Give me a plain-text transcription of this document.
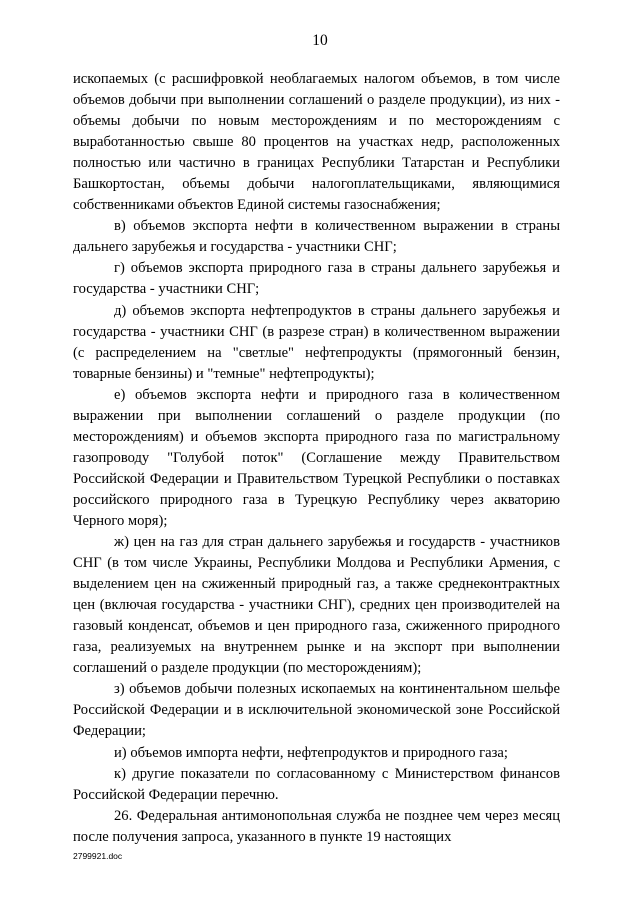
10

ископаемых (с расшифровкой необлагаемых налогом объемов, в том числе объемов добычи при выполнении соглашений о разделе продукции), из них - объемы добычи по новым месторождениям и по месторождениям с выработанностью свыше 80 процентов на участках недр, расположенных полностью или частично в границах Республики Татарстан и Республики Башкортостан, объемы добычи налогоплательщиками, являющимися собственниками объектов Единой системы газоснабжения;

в) объемов экспорта нефти в количественном выражении в страны дальнего зарубежья и государства - участники СНГ;

г) объемов экспорта природного газа в страны дальнего зарубежья и государства - участники СНГ;

д) объемов экспорта нефтепродуктов в страны дальнего зарубежья и государства - участники СНГ (в разрезе стран) в количественном выражении (с распределением на "светлые" нефтепродукты (прямогонный бензин, товарные бензины) и "темные" нефтепродукты);

е) объемов экспорта нефти и природного газа в количественном выражении при выполнении соглашений о разделе продукции (по месторождениям) и объемов экспорта природного газа по магистральному газопроводу "Голубой поток" (Соглашение между Правительством Российской Федерации и Правительством Турецкой Республики о поставках российского природного газа в Турецкую Республику через акваторию Черного моря);

ж) цен на газ для стран дальнего зарубежья и государств - участников СНГ (в том числе Украины, Республики Молдова и Республики Армения, с выделением цен на сжиженный природный газ, а также среднеконтрактных цен (включая государства - участники СНГ), средних цен производителей на газовый конденсат, объемов и цен природного газа, сжиженного природного газа, реализуемых на внутреннем рынке и на экспорт при выполнении соглашений о разделе продукции (по месторождениям);

з) объемов добычи полезных ископаемых на континентальном шельфе Российской Федерации и в исключительной экономической зоне Российской Федерации;

и) объемов импорта нефти, нефтепродуктов и природного газа;

к) другие показатели по согласованному с Министерством финансов Российской Федерации перечню.

26. Федеральная антимонопольная служба не позднее чем через месяц после получения запроса, указанного в пункте 19 настоящих

2799921.doc
